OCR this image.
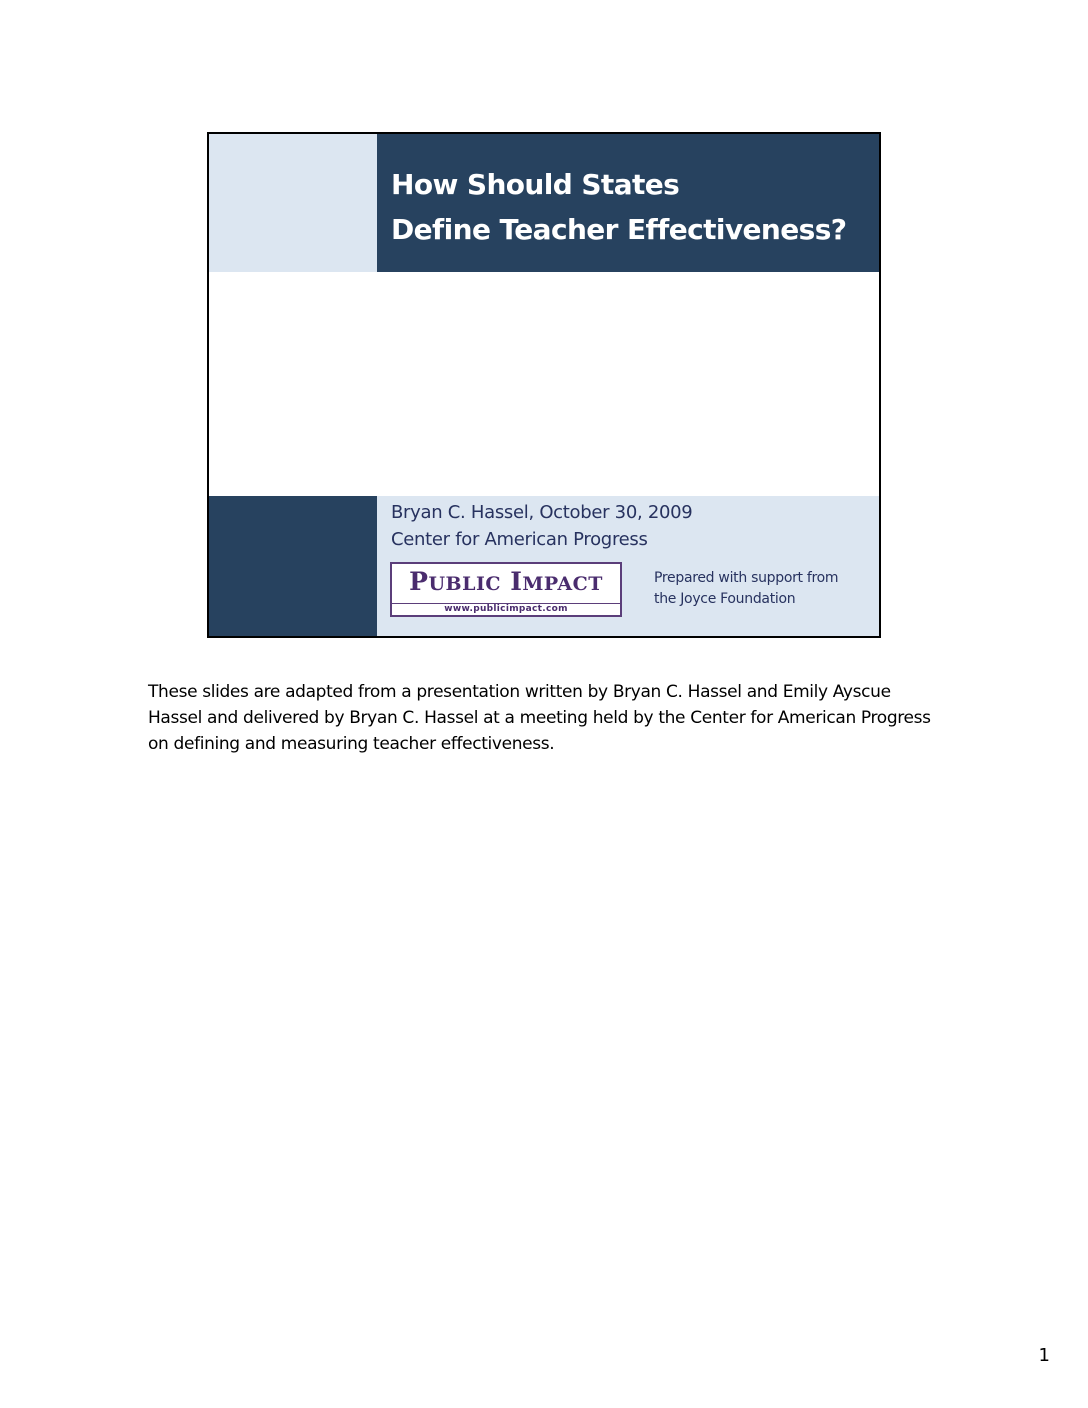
How Should States
Define Teacher Effectiveness?

Bryan C. Hassel, October 30, 2009

Center for American Progress

PUBLIC IMPACT
www.publicimpact.com

Prepared with support from
the Joyce Foundation

These slides are adapted from a presentation written by Bryan C. Hassel and Emily Ayscue Hassel and delivered by Bryan C. Hassel at a meeting held by the Center for American Progress on defining and measuring teacher effectiveness.

1
